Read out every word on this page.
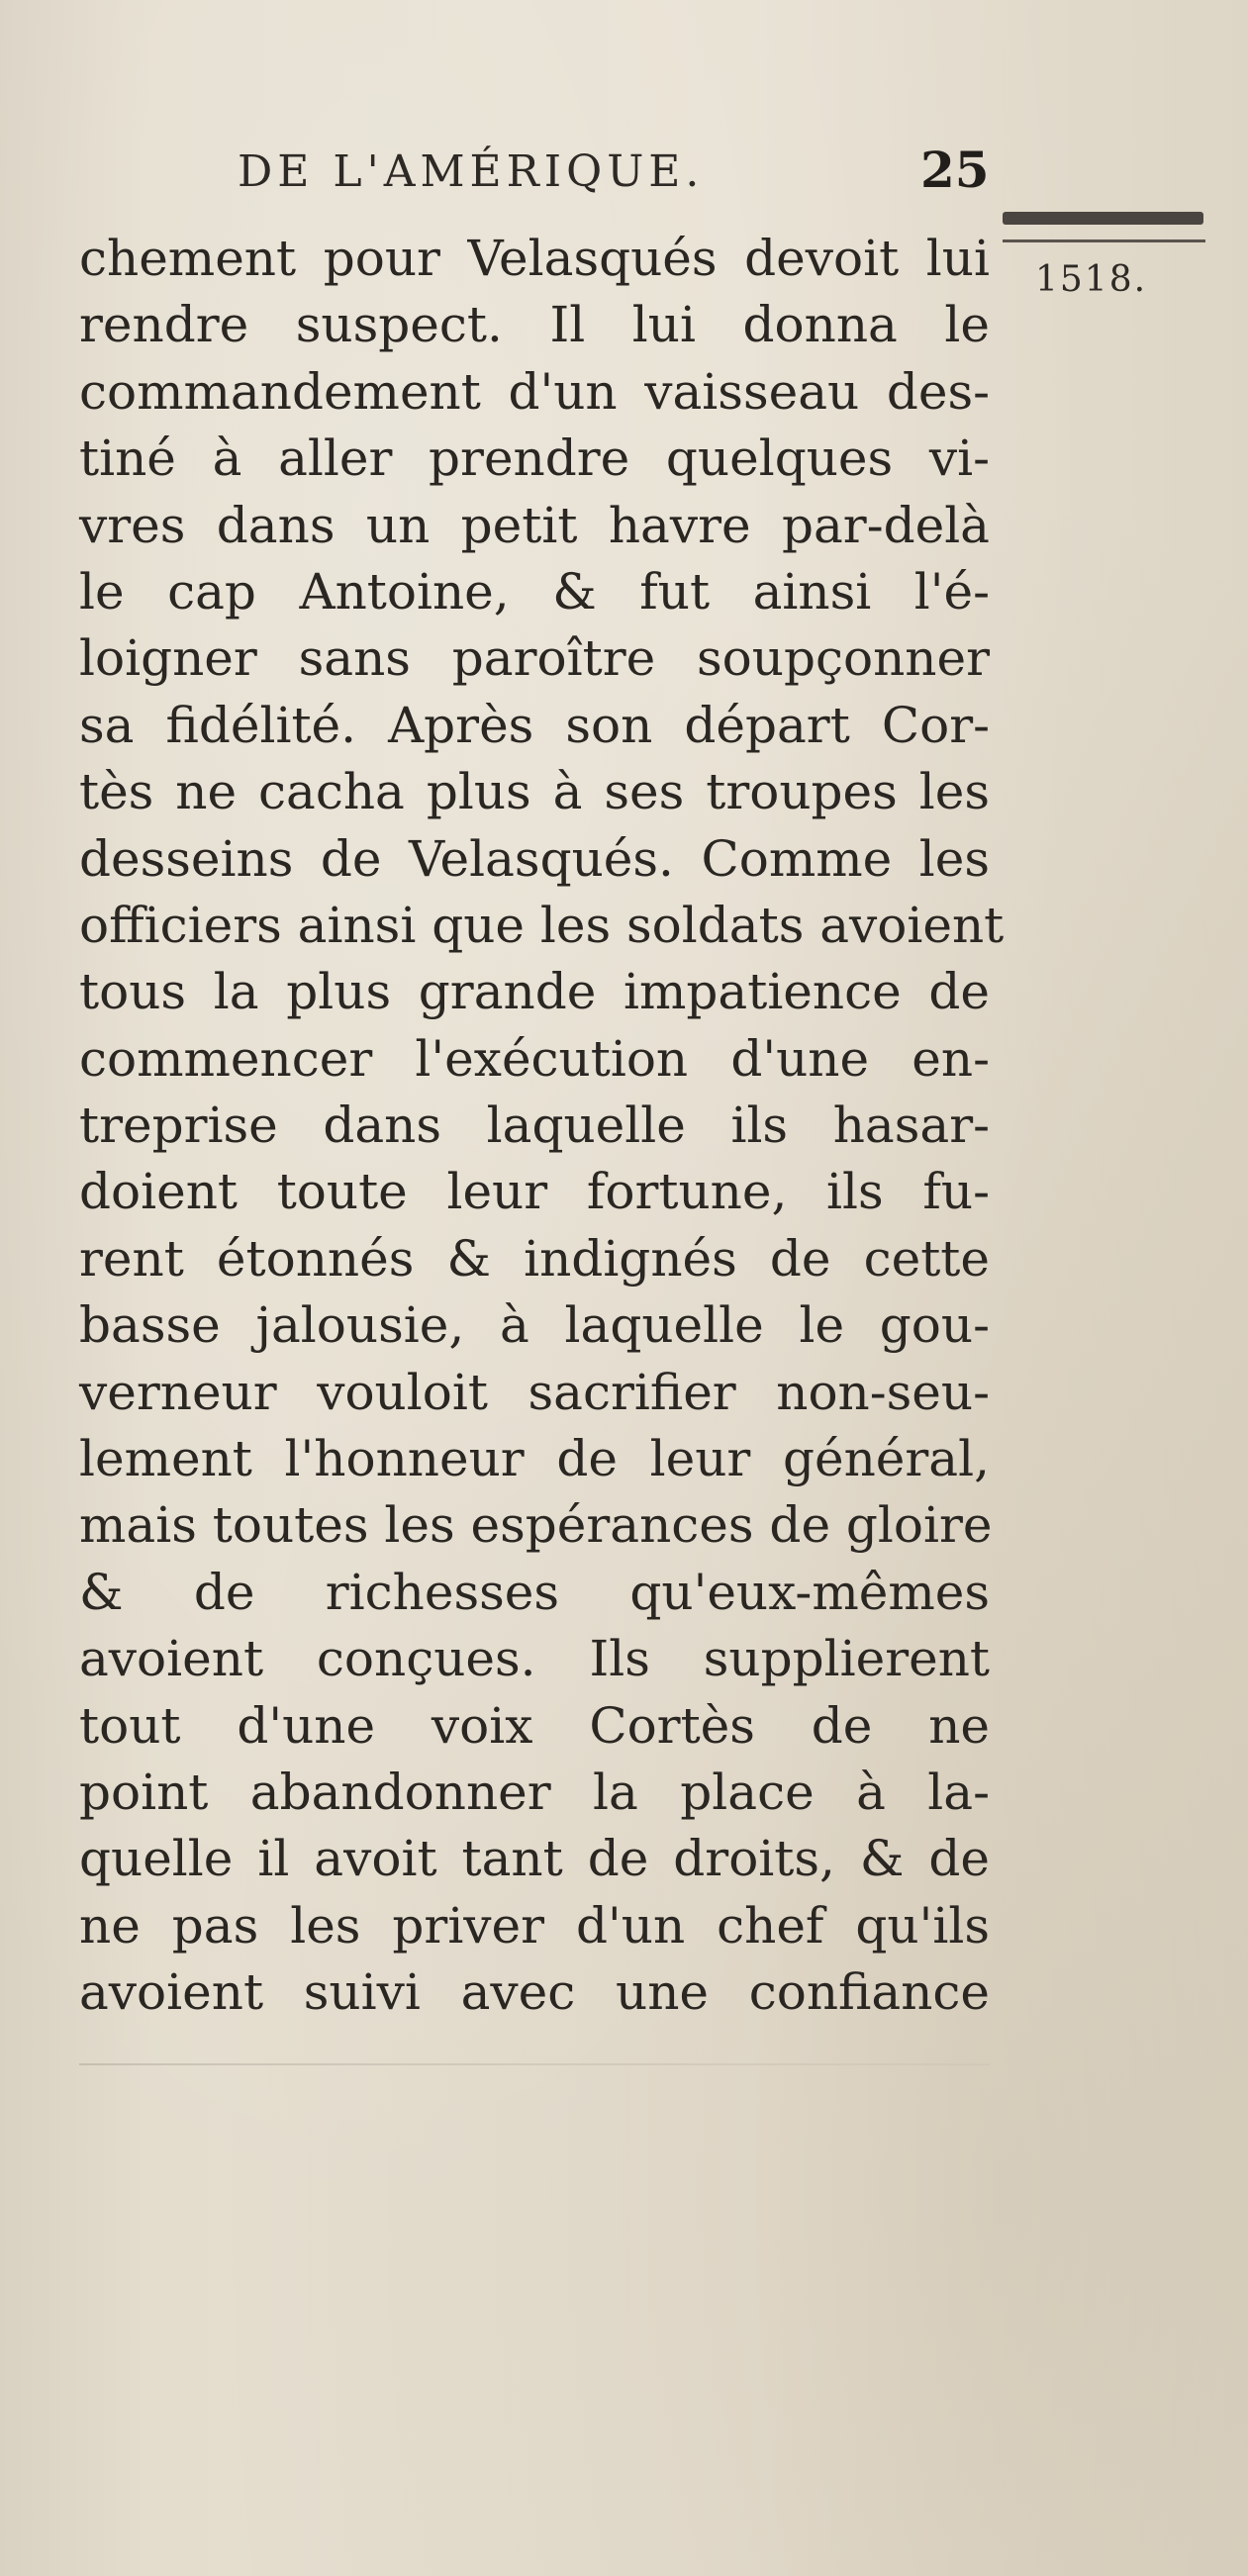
DE L'AMÉRIQUE.	25
1518.
chement pour Velasqués devoit lui
rendre suspect. Il lui donna le
commandement d'un vaisseau des-
tiné à aller prendre quelques vi-
vres dans un petit havre par-delà
le cap Antoine, & fut ainsi l'é-
loigner sans paroître soupçonner
sa fidélité. Après son départ Cor-
tès ne cacha plus à ses troupes les
desseins de Velasqués. Comme les
officiers ainsi que les soldats avoient
tous la plus grande impatience de
commencer l'exécution d'une en-
treprise dans laquelle ils hasar-
doient toute leur fortune, ils fu-
rent étonnés & indignés de cette
basse jalousie, à laquelle le gou-
verneur vouloit sacrifier non-seu-
lement l'honneur de leur général,
mais toutes les espérances de gloire
& de richesses qu'eux-mêmes
avoient conçues. Ils supplierent
tout d'une voix Cortès de ne
point abandonner la place à la-
quelle il avoit tant de droits, & de
ne pas les priver d'un chef qu'ils
avoient suivi avec une confiance
